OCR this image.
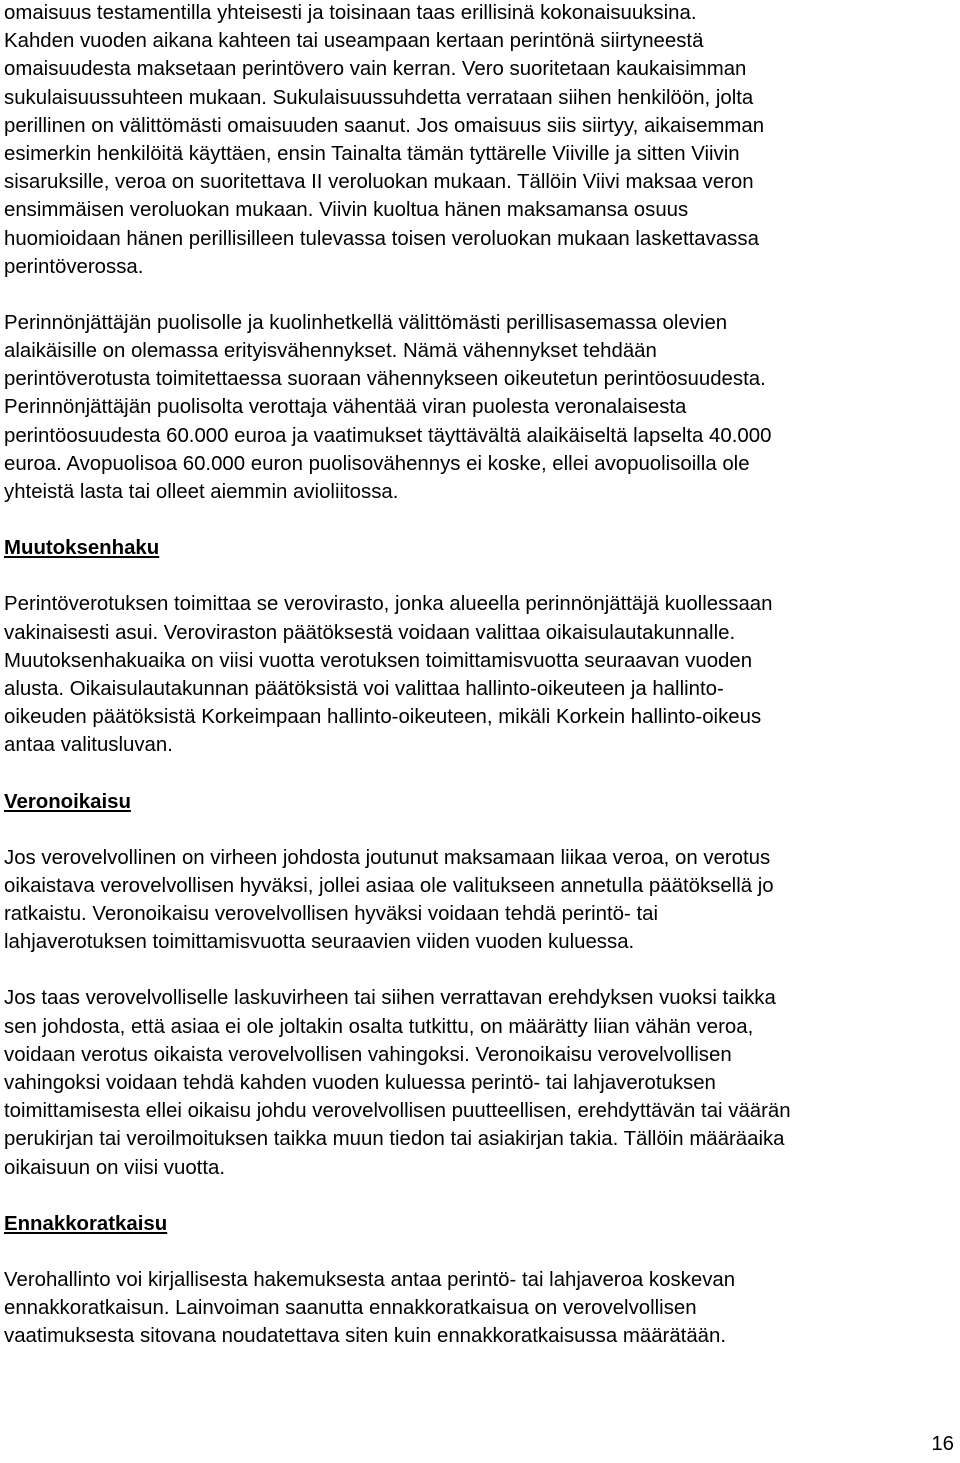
omaisuus testamentilla yhteisesti ja toisinaan taas erillisinä kokonaisuuksina.
Kahden vuoden aikana kahteen tai useampaan kertaan perintönä siirtyneestä
omaisuudesta maksetaan perintövero vain kerran. Vero suoritetaan kaukaisimman
sukulaisuussuhteen mukaan. Sukulaisuussuhdetta verrataan siihen henkilöön, jolta
perillinen on välittömästi omaisuuden saanut. Jos omaisuus siis siirtyy, aikaisemman
esimerkin henkilöitä käyttäen, ensin Tainalta tämän tyttärelle Viiville ja sitten Viivin
sisaruksille, veroa on suoritettava II veroluokan mukaan. Tällöin Viivi maksaa veron
ensimmäisen veroluokan mukaan. Viivin kuoltua hänen maksamansa osuus
huomioidaan hänen perillisilleen tulevassa toisen veroluokan mukaan laskettavassa
perintöverossa.

Perinnönjättäjän puolisolle ja kuolinhetkellä välittömästi perillisasemassa olevien
alaikäisille on olemassa erityisvähennykset. Nämä vähennykset tehdään
perintöverotusta toimitettaessa suoraan vähennykseen oikeutetun perintöosuudesta.
Perinnönjättäjän puolisolta verottaja vähentää viran puolesta veronalaisesta
perintöosuudesta 60.000 euroa ja vaatimukset täyttävältä alaikäiseltä lapselta 40.000
euroa. Avopuolisoa 60.000 euron puolisovähennys ei koske, ellei avopuolisoilla ole
yhteistä lasta tai olleet aiemmin avioliitossa.

Muutoksenhaku

Perintöverotuksen toimittaa se verovirasto, jonka alueella perinnönjättäjä kuollessaan
vakinaisesti asui. Veroviraston päätöksestä voidaan valittaa oikaisulautakunnalle.
Muutoksenhakuaika on viisi vuotta verotuksen toimittamisvuotta seuraavan vuoden
alusta. Oikaisulautakunnan päätöksistä voi valittaa hallinto-oikeuteen ja hallinto-
oikeuden päätöksistä Korkeimpaan hallinto-oikeuteen, mikäli Korkein hallinto-oikeus
antaa valitusluvan.

Veronoikaisu

Jos verovelvollinen on virheen johdosta joutunut maksamaan liikaa veroa, on verotus
oikaistava verovelvollisen hyväksi, jollei asiaa ole valitukseen annetulla päätöksellä jo
ratkaistu. Veronoikaisu verovelvollisen hyväksi voidaan tehdä perintö- tai
lahjaverotuksen toimittamisvuotta seuraavien viiden vuoden kuluessa.

Jos taas verovelvolliselle laskuvirheen tai siihen verrattavan erehdyksen vuoksi taikka
sen johdosta, että asiaa ei ole joltakin osalta tutkittu, on määrätty liian vähän veroa,
voidaan verotus oikaista verovelvollisen vahingoksi. Veronoikaisu verovelvollisen
vahingoksi voidaan tehdä kahden vuoden kuluessa perintö- tai lahjaverotuksen
toimittamisesta ellei oikaisu johdu verovelvollisen puutteellisen, erehdyttävän tai väärän
perukirjan tai veroilmoituksen taikka muun tiedon tai asiakirjan takia. Tällöin määräaika
oikaisuun on viisi vuotta.

Ennakkoratkaisu

Verohallinto voi kirjallisesta hakemuksesta antaa perintö- tai lahjaveroa koskevan
ennakkoratkaisun. Lainvoiman saanutta ennakkoratkaisua on verovelvollisen
vaatimuksesta sitovana noudatettava siten kuin ennakkoratkaisussa määrätään.

16
